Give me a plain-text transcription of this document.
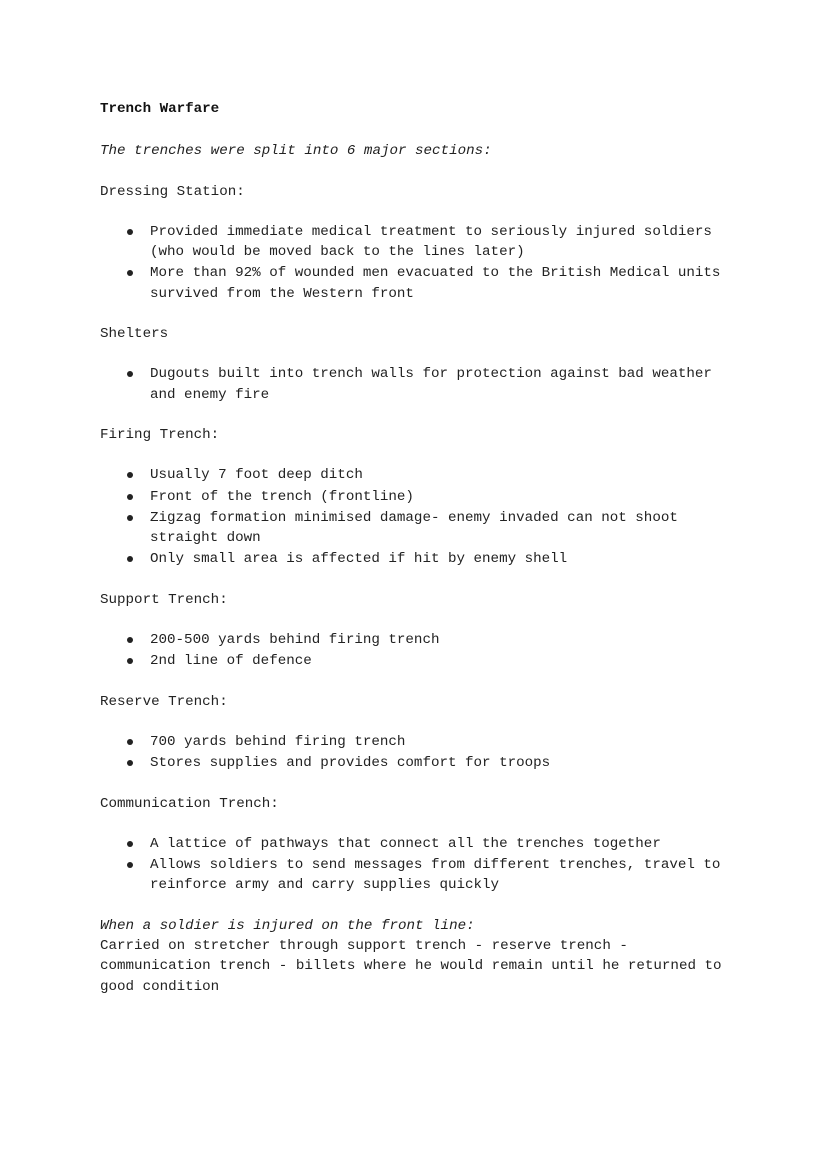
Trench Warfare

The trenches were split into 6 major sections:

Dressing Station:

Provided immediate medical treatment to seriously injured soldiers (who would be moved back to the lines later)
More than 92% of wounded men evacuated to the British Medical units survived from the Western front

Shelters

Dugouts built into trench walls for protection against bad weather and enemy fire

Firing Trench:

Usually 7 foot deep ditch
Front of the trench (frontline)
Zigzag formation minimised damage- enemy invaded can not shoot straight down
Only small area is affected if hit by enemy shell

Support Trench:

200-500 yards behind firing trench
2nd line of defence

Reserve Trench:

700 yards behind firing trench
Stores supplies and provides comfort for troops

Communication Trench:

A lattice of pathways that connect all the trenches together
Allows soldiers to send messages from different trenches, travel to reinforce army and carry supplies quickly

When a soldier is injured on the front line:

Carried on stretcher through support trench - reserve trench - communication trench - billets where he would remain until he returned to good condition
